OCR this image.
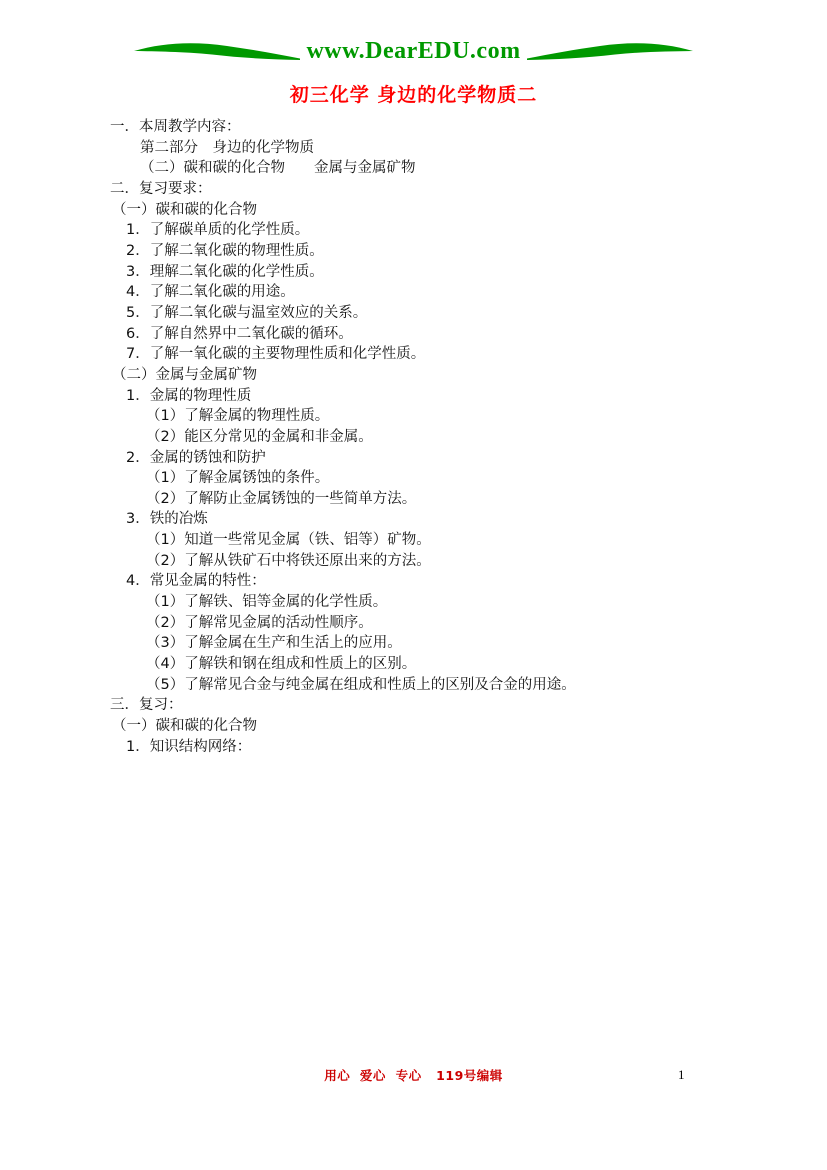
www.DearEDU.com
初三化学 身边的化学物质二
一．本周教学内容：
第二部分　身边的化学物质
（二）碳和碳的化合物　　金属与金属矿物
二．复习要求：
（一）碳和碳的化合物
1．了解碳单质的化学性质。
2．了解二氧化碳的物理性质。
3．理解二氧化碳的化学性质。
4．了解二氧化碳的用途。
5．了解二氧化碳与温室效应的关系。
6．了解自然界中二氧化碳的循环。
7．了解一氧化碳的主要物理性质和化学性质。
（二）金属与金属矿物
1．金属的物理性质
（1）了解金属的物理性质。
（2）能区分常见的金属和非金属。
2．金属的锈蚀和防护
（1）了解金属锈蚀的条件。
（2）了解防止金属锈蚀的一些简单方法。
3．铁的冶炼
（1）知道一些常见金属（铁、铝等）矿物。
（2）了解从铁矿石中将铁还原出来的方法。
4．常见金属的特性：
（1）了解铁、铝等金属的化学性质。
（2）了解常见金属的活动性顺序。
（3）了解金属在生产和生活上的应用。
（4）了解铁和钢在组成和性质上的区别。
（5）了解常见合金与纯金属在组成和性质上的区别及合金的用途。
三．复习：
（一）碳和碳的化合物
1．知识结构网络：
用心  爱心  专心   119号编辑	1
